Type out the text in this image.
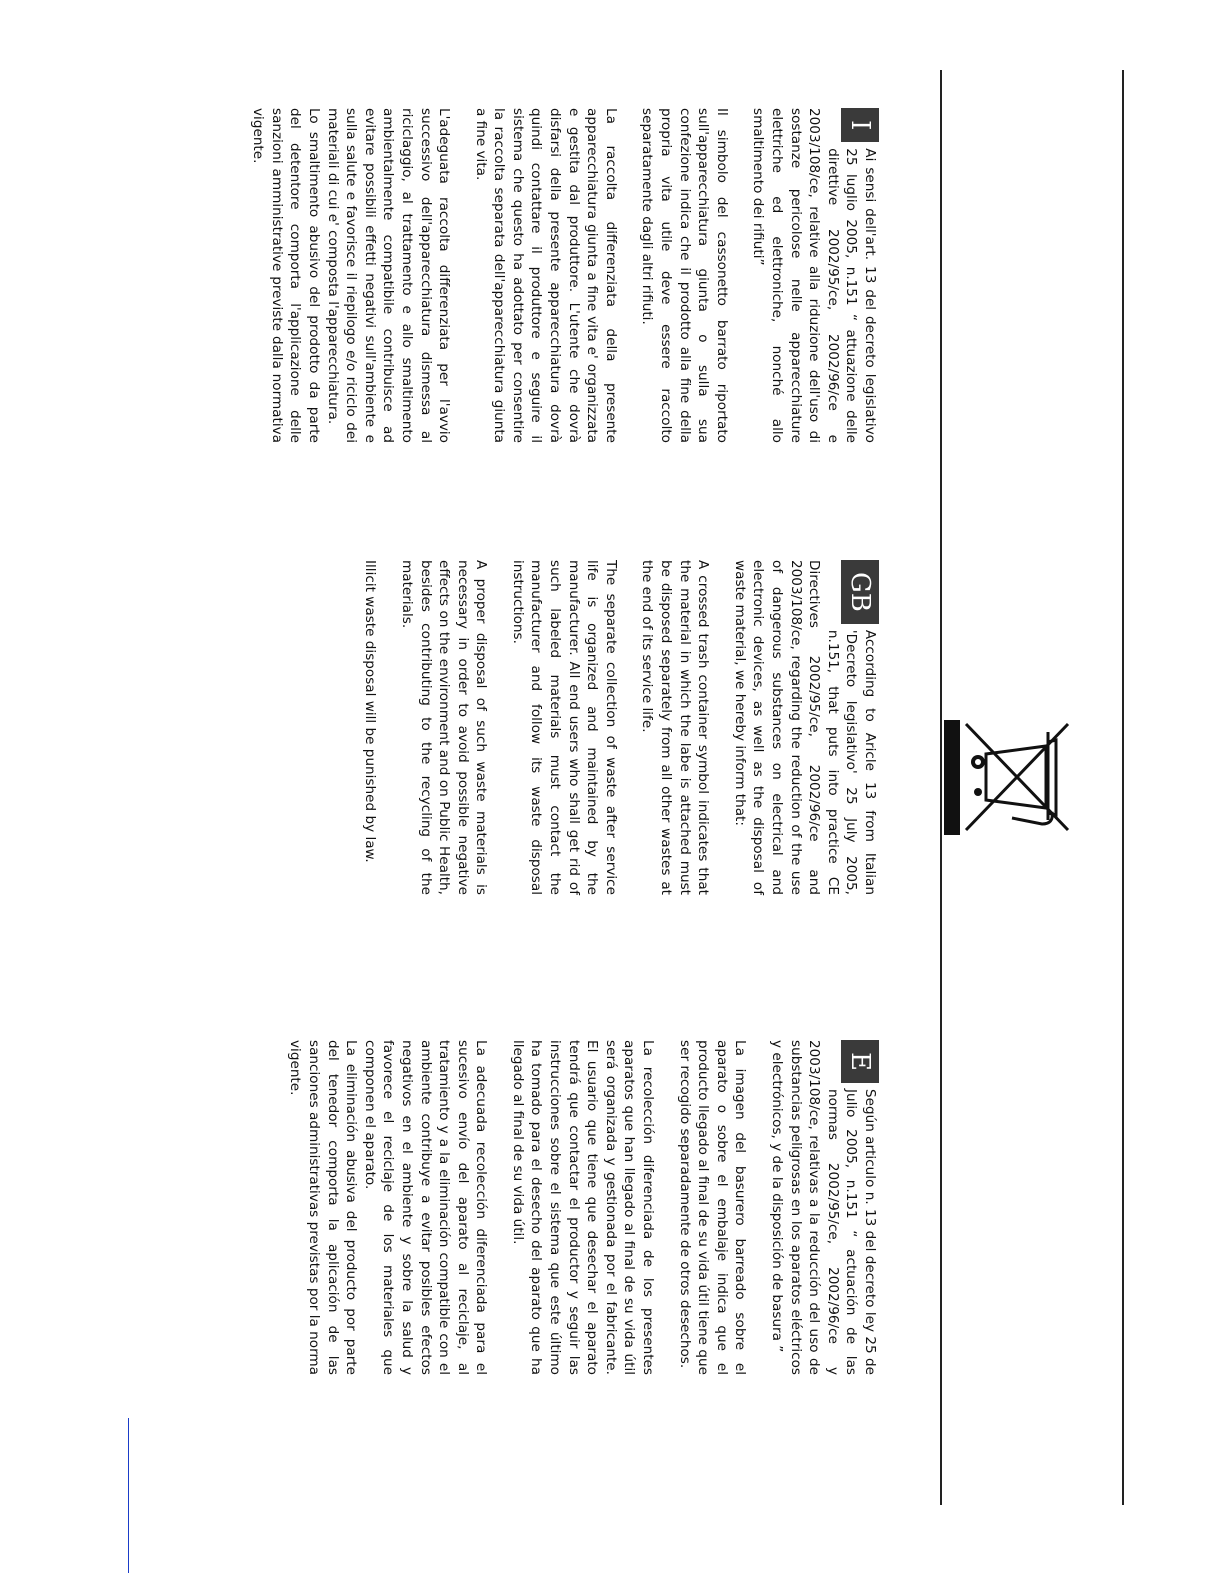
I
Ai sensi dell'art. 13 del decreto legislativo 25 luglio 2005, n.151 “ attuazione delle direttive 2002/95/ce, 2002/96/ce e 2003/108/ce, relative alla riduzione dell'uso di sostanze pericolose nelle apparecchiature elettriche ed elettroniche, nonché allo smaltimento dei rifiuti”

Il simbolo del cassonetto barrato riportato sull'apparecchiatura giunta o sulla sua confezione indica che il prodotto alla fine della propria vita utile deve essere raccolto separatamente dagli altri rifiuti.

La raccolta differenziata della presente apparecchiatura giunta a fine vita e' organizzata e gestita dal produttore. L'utente che dovrà disfarsi della presente apparecchiatura dovrà quindi contattare il produttore e seguire il sistema che questo ha adottato per consentire la raccolta separata dell'apparecchiatura giunta a fine vita.

L'adeguata raccolta differenziata per l'avvio successivo dell'apparecchiatura dismessa al riciclaggio, al trattamento e allo smaltimento ambientalmente compatibile contribuisce ad evitare possibili effetti negativi sull'ambiente e sulla salute e favorisce il riepilogo e/o riciclo dei materiali di cui e' composta l'apparecchiatura.

Lo smaltimento abusivo del prodotto da parte del detentore comporta l'applicazione delle sanzioni amministrative previste dalla normativa vigente.

GB
According to Aricle 13 from Italian 'Decreto legislativo' 25 July 2005, n.151, that puts into practice CE Directives 2002/95/ce, 2002/96/ce and 2003/108/ce, regarding the reduction of the use of dangerous substances on electrical and electronic devices, as well as the disposal of waste material, we hereby inform that:

A crossed trash container symbol indicates that the material in which the labe is attached must be disposed separately from all other wastes at the end of its service life.

The separate collection of waste after service life is organized and maintained by the manufacturer. All end users who shall get rid of such labeled materials must contact the manufacturer and follow its waste disposal instructions.

A proper disposal of such waste materials is necessary in order to avoid possible negative effects on the environment and on Public Health, besides contributing to the recycling of the materials.

Illicit waste disposal will be punished by law.

E
Según articulo n. 13 del decreto ley 25 de Julio 2005, n.151 “ actuación de las normas 2002/95/ce, 2002/96/ce y 2003/108/ce, relativas a la reducción del uso de substancias peligrosas en los aparatos eléctricos y electrónicos, y de la disposición de basura ”

La imagen del basurero barreado sobre el aparato o sobre el embalaje indica que el producto llegado al final de su vida útil tiene que ser recogido separadamente de otros desechos.

La recolección diferenciada de los presentes aparatos que han llegado al final de su vida útil será organizada y gestionada por el fabricante. El usuario que tiene que desechar el aparato tendrá que contactar el productor y seguir las instrucciones sobre el sistema que este último ha tomado para el desecho del aparato que ha llegado al final de su vida útil.

La adecuada recolección diferenciada para el sucesivo envío del aparato al reciclaje, al tratamiento y a la eliminación compatible con el ambiente contribuye a evitar posibles efectos negativos en el ambiente y sobre la salud y favorece el reciclaje de los materiales que componen el aparato.

La eliminación abusiva del producto por parte del tenedor comporta la aplicación de las sanciones administrativas previstas por la norma vigente.
